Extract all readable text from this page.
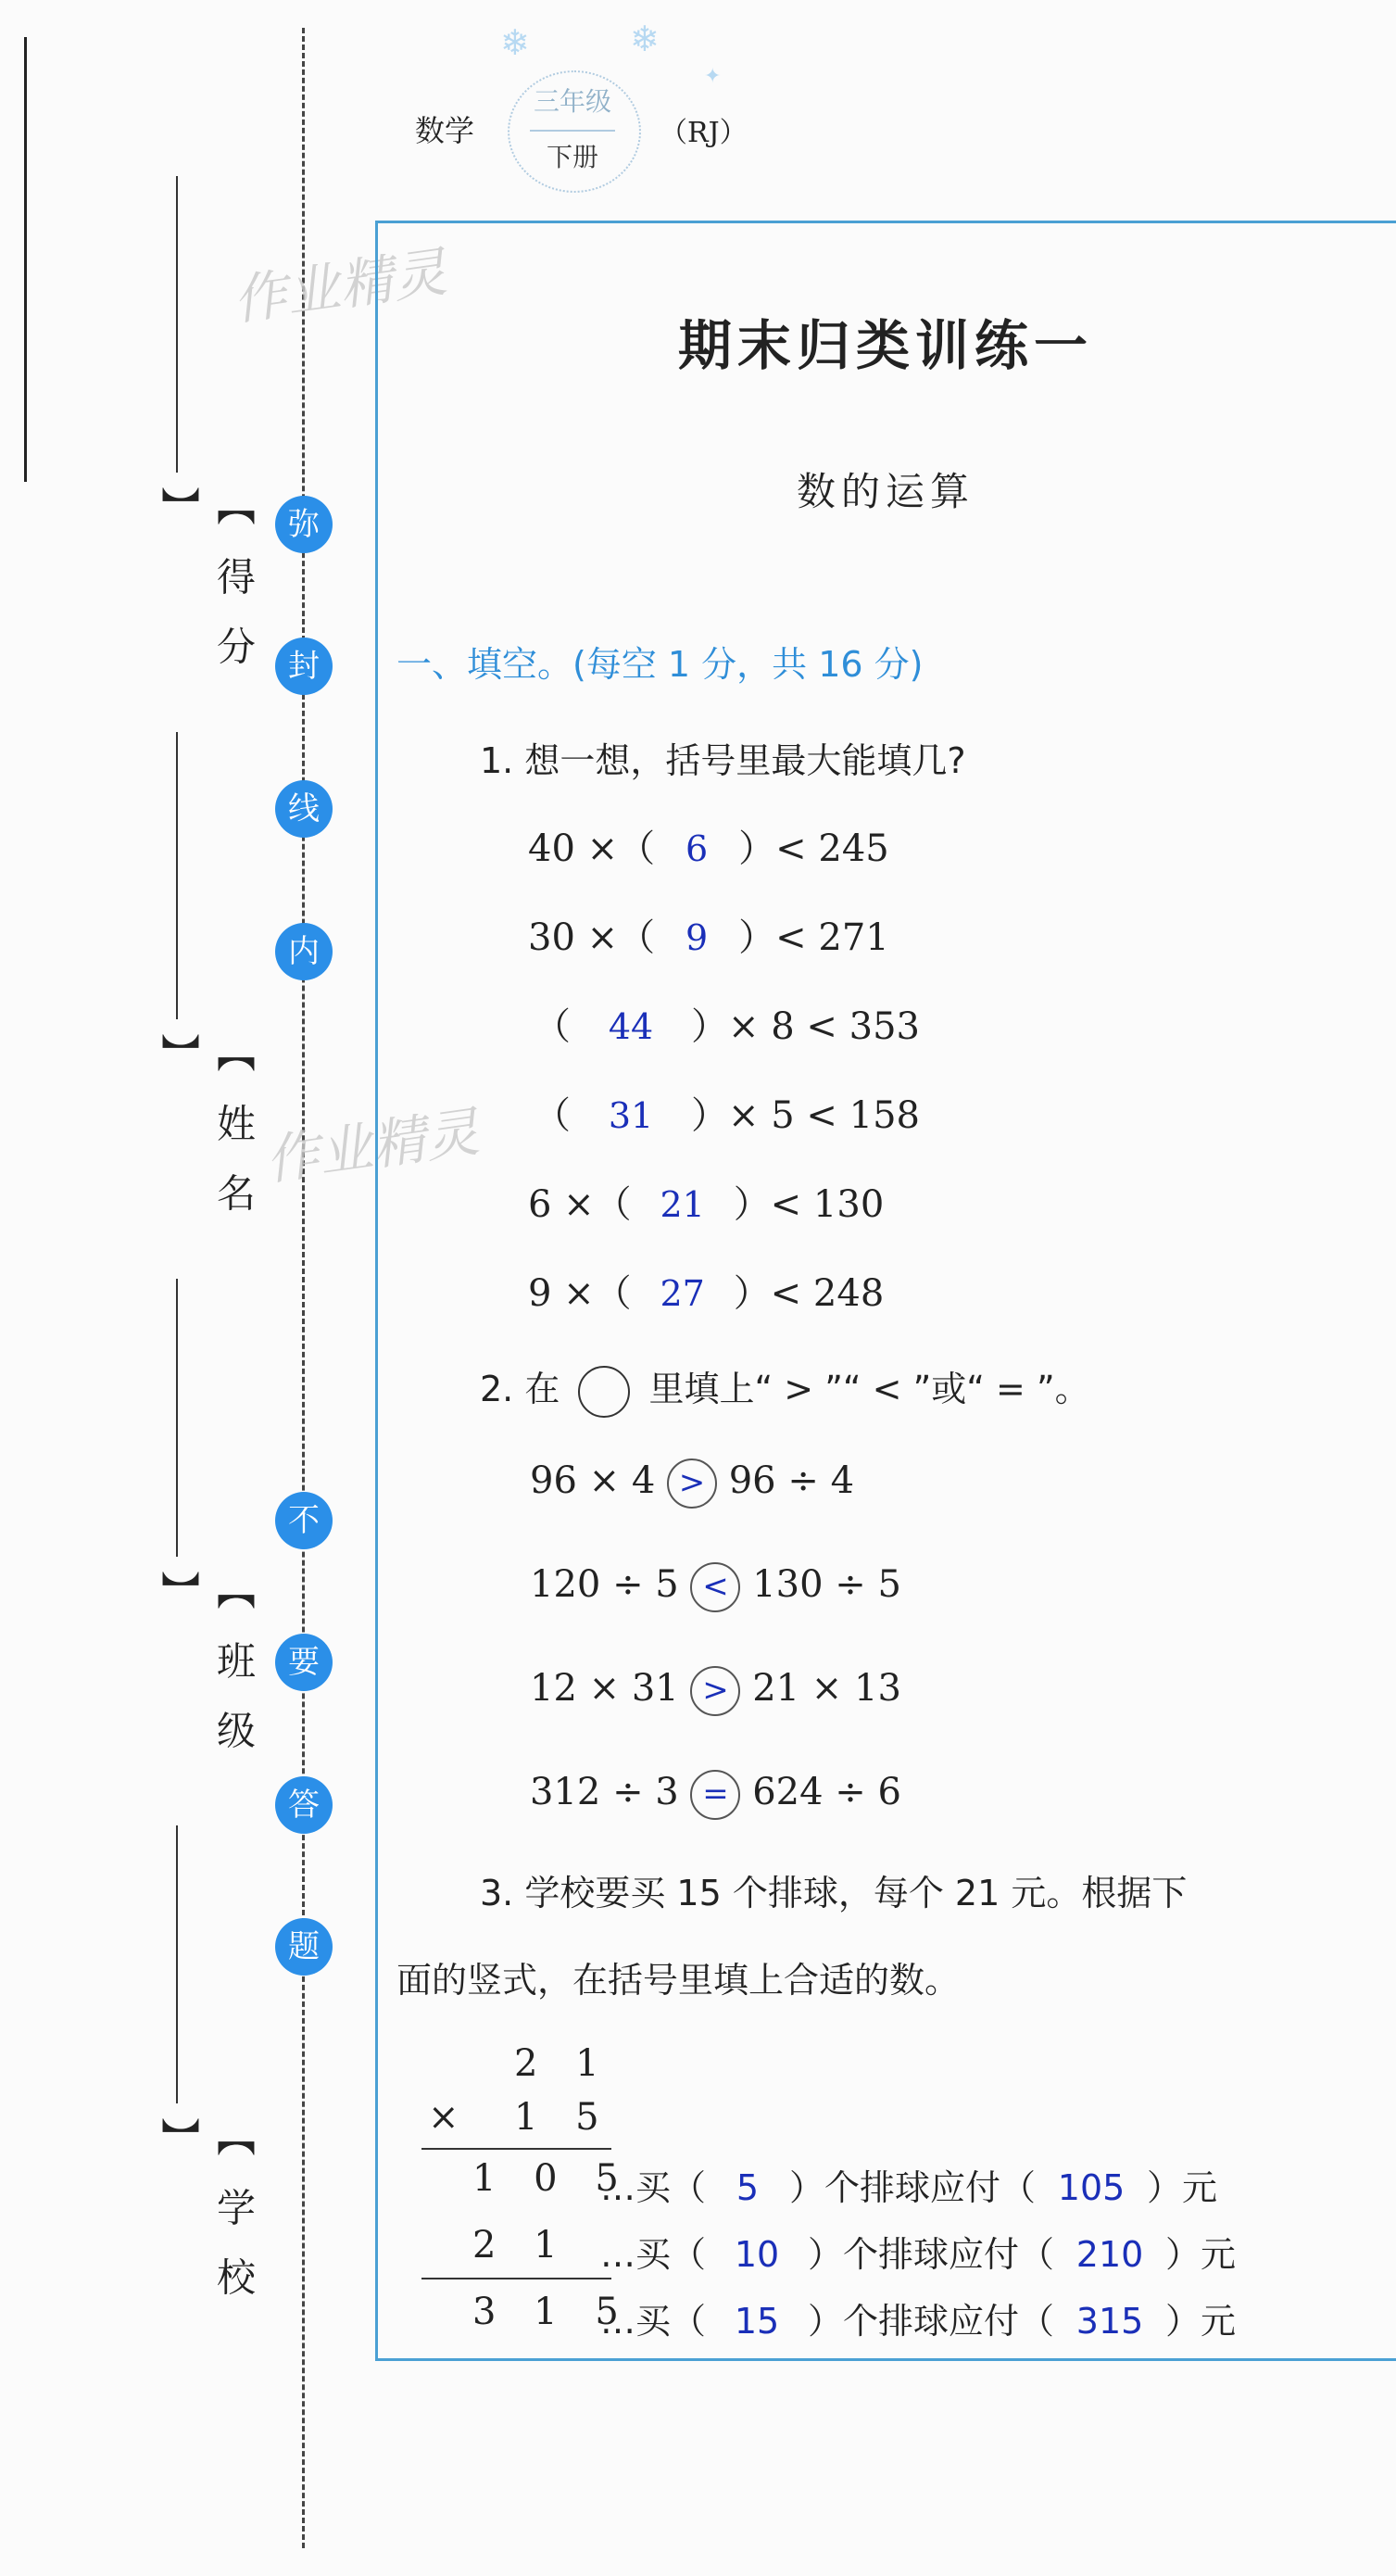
弥
封
线
内
不
要
答
题
【 得 分 】
【 姓 名 】
【 班 级 】
【 学 校 】
作业精灵
作业精灵
❄	❄
✦
数学
三年级
下册
（RJ）
期末归类训练一
数的运算
一、填空。(每空 1 分，共 16 分)
1. 想一想，括号里最大能填几?
40 ×（ 6 ）< 245
30 ×（ 9 ）< 271
（ 44 ）× 8 < 353
（ 31 ）× 5 < 158
6 ×（ 21 ）< 130
9 ×（ 27 ）< 248
2. 在	里填上“ > ”“ < ”或“ = ”。
96 × 4 > 96 ÷ 4
120 ÷ 5 < 130 ÷ 5
12 × 31 > 21 × 13
312 ÷ 3 = 624 ÷ 6
3. 学校要买 15 个排球，每个 21 元。根据下
面的竖式，在括号里填上合适的数。
2 1
× 1 5
1 0 5
…买（ 5 ）个排球应付（ 105 ）元
2 1 …买（ 10 ）个排球应付（ 210 ）元
3 1 5
…买（ 15 ）个排球应付（ 315 ）元
